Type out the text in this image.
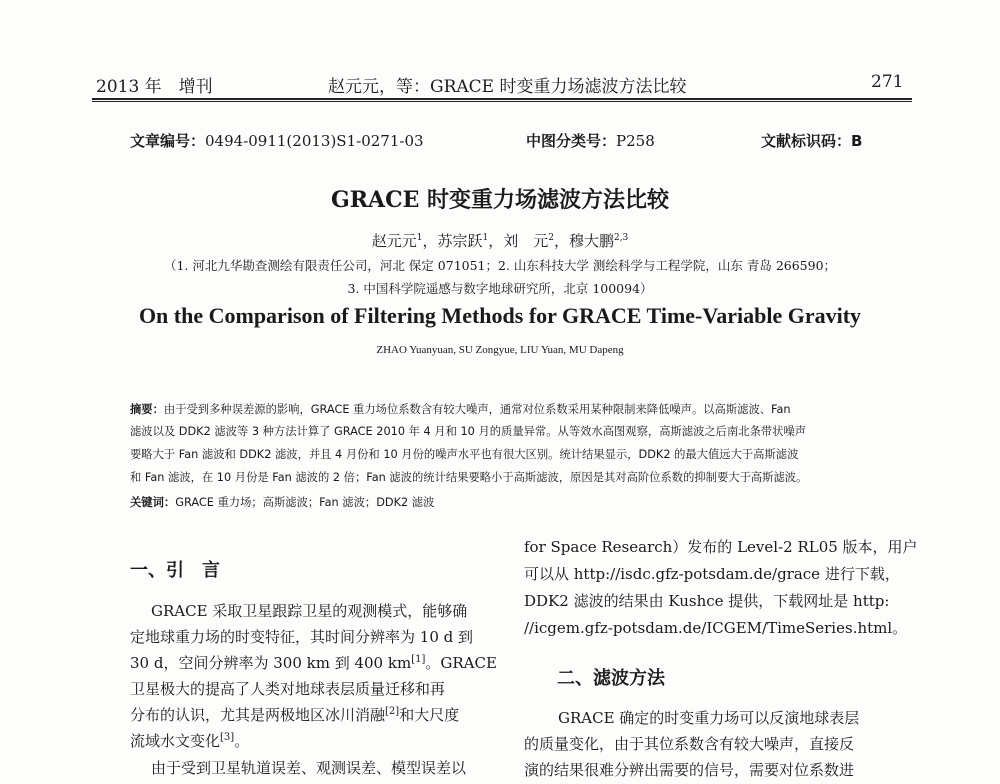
2013 年　增刊	赵元元，等：GRACE 时变重力场滤波方法比较	271
文章编号：0494-0911(2013)S1-0271-03	中图分类号：P258	文献标识码：B
GRACE 时变重力场滤波方法比较
赵元元$^1$，苏宗跃$^1$，刘　元$^2$，穆大鹏$^{2,3}$
（1. 河北九华勘查测绘有限责任公司，河北 保定 071051；2. 山东科技大学 测绘科学与工程学院，山东 青岛 266590；
3. 中国科学院遥感与数字地球研究所，北京 100094）
On the Comparison of Filtering Methods for GRACE Time-Variable Gravity
ZHAO Yuanyuan, SU Zongyue, LIU Yuan, MU Dapeng
摘要：由于受到多种误差源的影响，GRACE 重力场位系数含有较大噪声，通常对位系数采用某种限制来降低噪声。以高斯滤波、Fan
滤波以及 DDK2 滤波等 3 种方法计算了 GRACE 2010 年 4 月和 10 月的质量异常。从等效水高图观察，高斯滤波之后南北条带状噪声
要略大于 Fan 滤波和 DDK2 滤波，并且 4 月份和 10 月份的噪声水平也有很大区别。统计结果显示，DDK2 的最大值远大于高斯滤波
和 Fan 滤波，在 10 月份是 Fan 滤波的 2 倍；Fan 滤波的统计结果要略小于高斯滤波，原因是其对高阶位系数的抑制要大于高斯滤波。
关键词：GRACE 重力场；高斯滤波；Fan 滤波；DDK2 滤波
一、引　言
GRACE 采取卫星跟踪卫星的观测模式，能够确
定地球重力场的时变特征，其时间分辨率为 10 d 到
30 d，空间分辨率为 300 km 到 400 km[1]。GRACE
卫星极大的提高了人类对地球表层质量迁移和再
分布的认识，尤其是两极地区冰川消融[2]和大尺度
流域水文变化[3]。
由于受到卫星轨道误差、观测误差、模型误差以
for Space Research）发布的 Level-2 RL05 版本，用户
可以从 http://isdc.gfz-potsdam.de/grace 进行下载，
DDK2 滤波的结果由 Kushce 提供，下载网址是 http:
//icgem.gfz-potsdam.de/ICGEM/TimeSeries.html。
二、滤波方法
GRACE 确定的时变重力场可以反演地球表层
的质量变化，由于其位系数含有较大噪声，直接反
演的结果很难分辨出需要的信号，需要对位系数进
